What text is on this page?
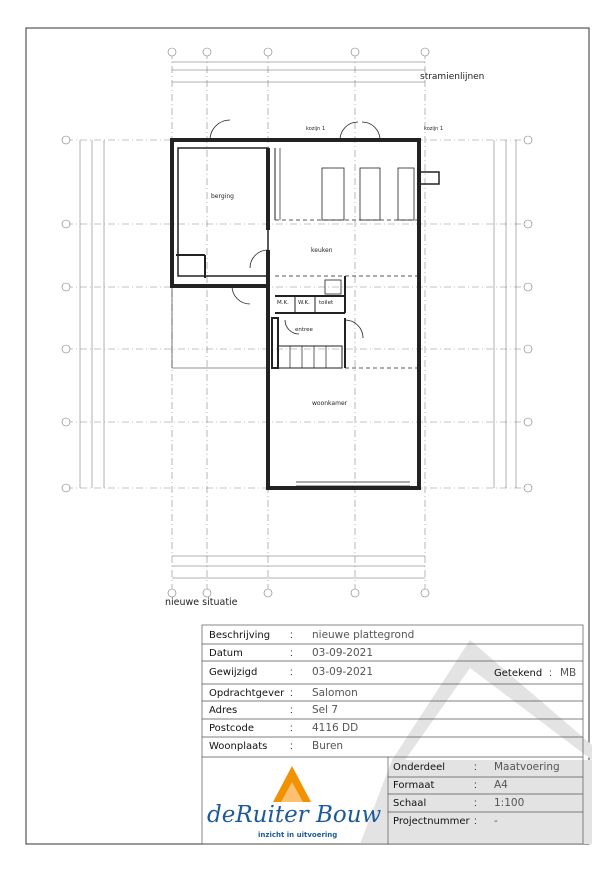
stramienlijnen
nieuwe situatie
kozijn 1	kozijn 1
berging
keuken
toilet
entree
woonkamer
M.K. W.K.
Beschrijving : nieuwe plattegrond
Datum	: 03-09-2021
Gewijzigd	: 03-09-2021	Getekend : MB
Opdrachtgever : Salomon
Adres	: Sel 7
Postcode	: 4116 DD
Woonplaats : Buren
Onderdeel	: Maatvoering
Formaat	: A4
Schaal	: 1:100
Projectnummer : -
deRuiter Bouw
inzicht in uitvoering
